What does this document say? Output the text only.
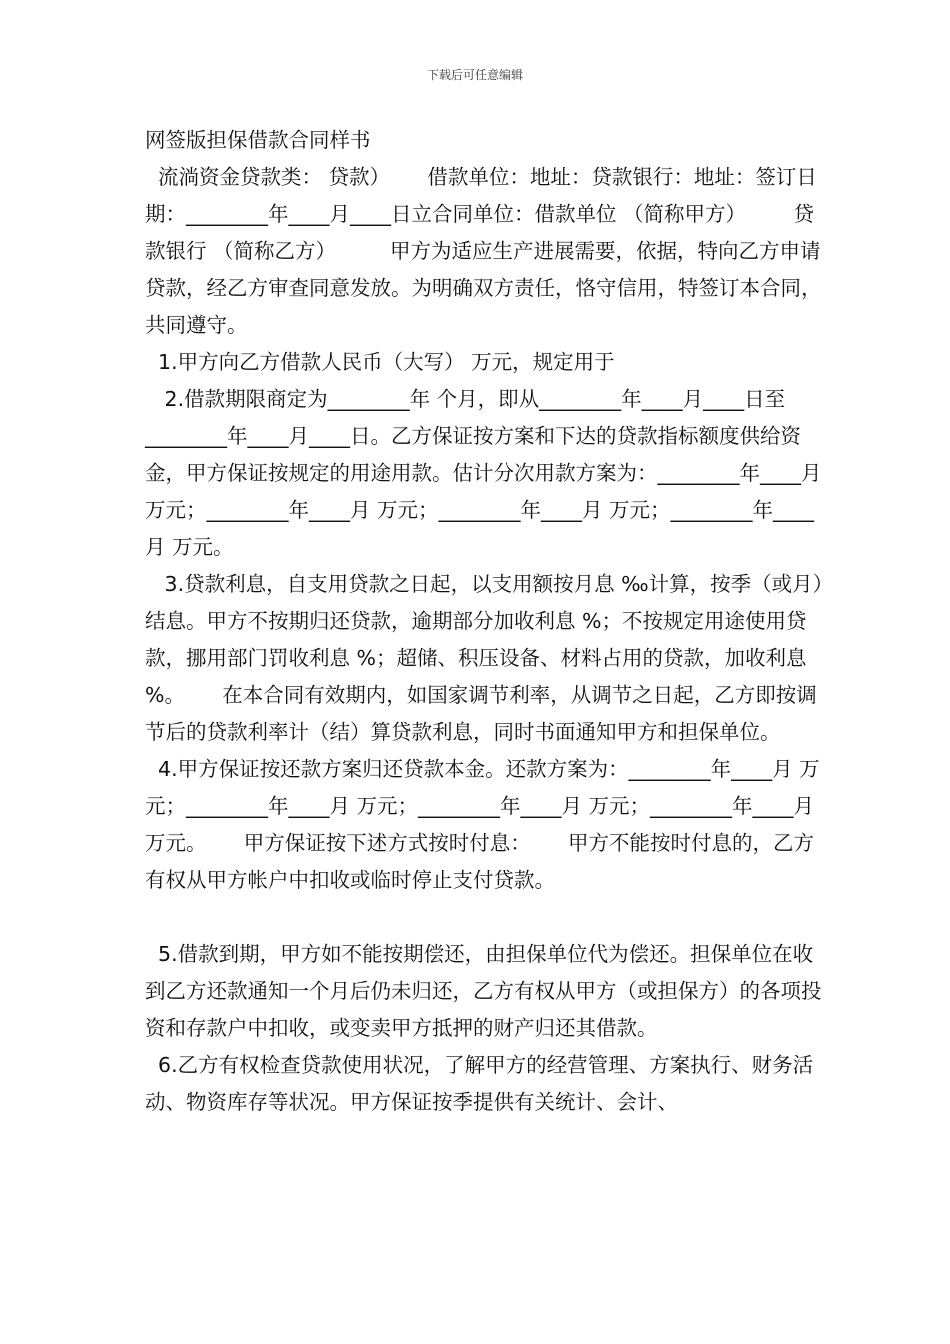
下载后可任意编辑

网签版担保借款合同样书

流淌资金贷款类： 贷款）　　 借款单位：地址：贷款银行：地址：签订日期：________年____月____日立合同单位：借款单位 （简称甲方） 　　贷款银行 （简称乙方） 　　 甲方为适应生产进展需要，依据，特向乙方申请贷款，经乙方审查同意发放。为明确双方责任，恪守信用，特签订本合同，共同遵守。

1.甲方向乙方借款人民币（大写） 万元，规定用于

2.借款期限商定为________年 个月，即从________年____月____日至________年____月____日。乙方保证按方案和下达的贷款指标额度供给资金，甲方保证按规定的用途用款。估计分次用款方案为：________年____月 万元；________年____月 万元；________年____月 万元；________年____月 万元。

3.贷款利息，自支用贷款之日起，以支用额按月息 ‰计算，按季（或月）结息。甲方不按期归还贷款，逾期部分加收利息 %；不按规定用途使用贷款，挪用部门罚收利息 %；超储、积压设备、材料占用的贷款，加收利息 %。　　 在本合同有效期内，如国家调节利率，从调节之日起，乙方即按调节后的贷款利率计（结）算贷款利息，同时书面通知甲方和担保单位。

4.甲方保证按还款方案归还贷款本金。还款方案为：________年____月 万元；________年____月 万元；________年____月 万元；________年____月 万元。　　 甲方保证按下述方式按时付息：　　 甲方不能按时付息的，乙方有权从甲方帐户中扣收或临时停止支付贷款。

5.借款到期，甲方如不能按期偿还，由担保单位代为偿还。担保单位在收到乙方还款通知一个月后仍未归还，乙方有权从甲方（或担保方）的各项投资和存款户中扣收，或变卖甲方抵押的财产归还其借款。

6.乙方有权检查贷款使用状况，了解甲方的经营管理、方案执行、财务活动、物资库存等状况。甲方保证按季提供有关统计、会计、
